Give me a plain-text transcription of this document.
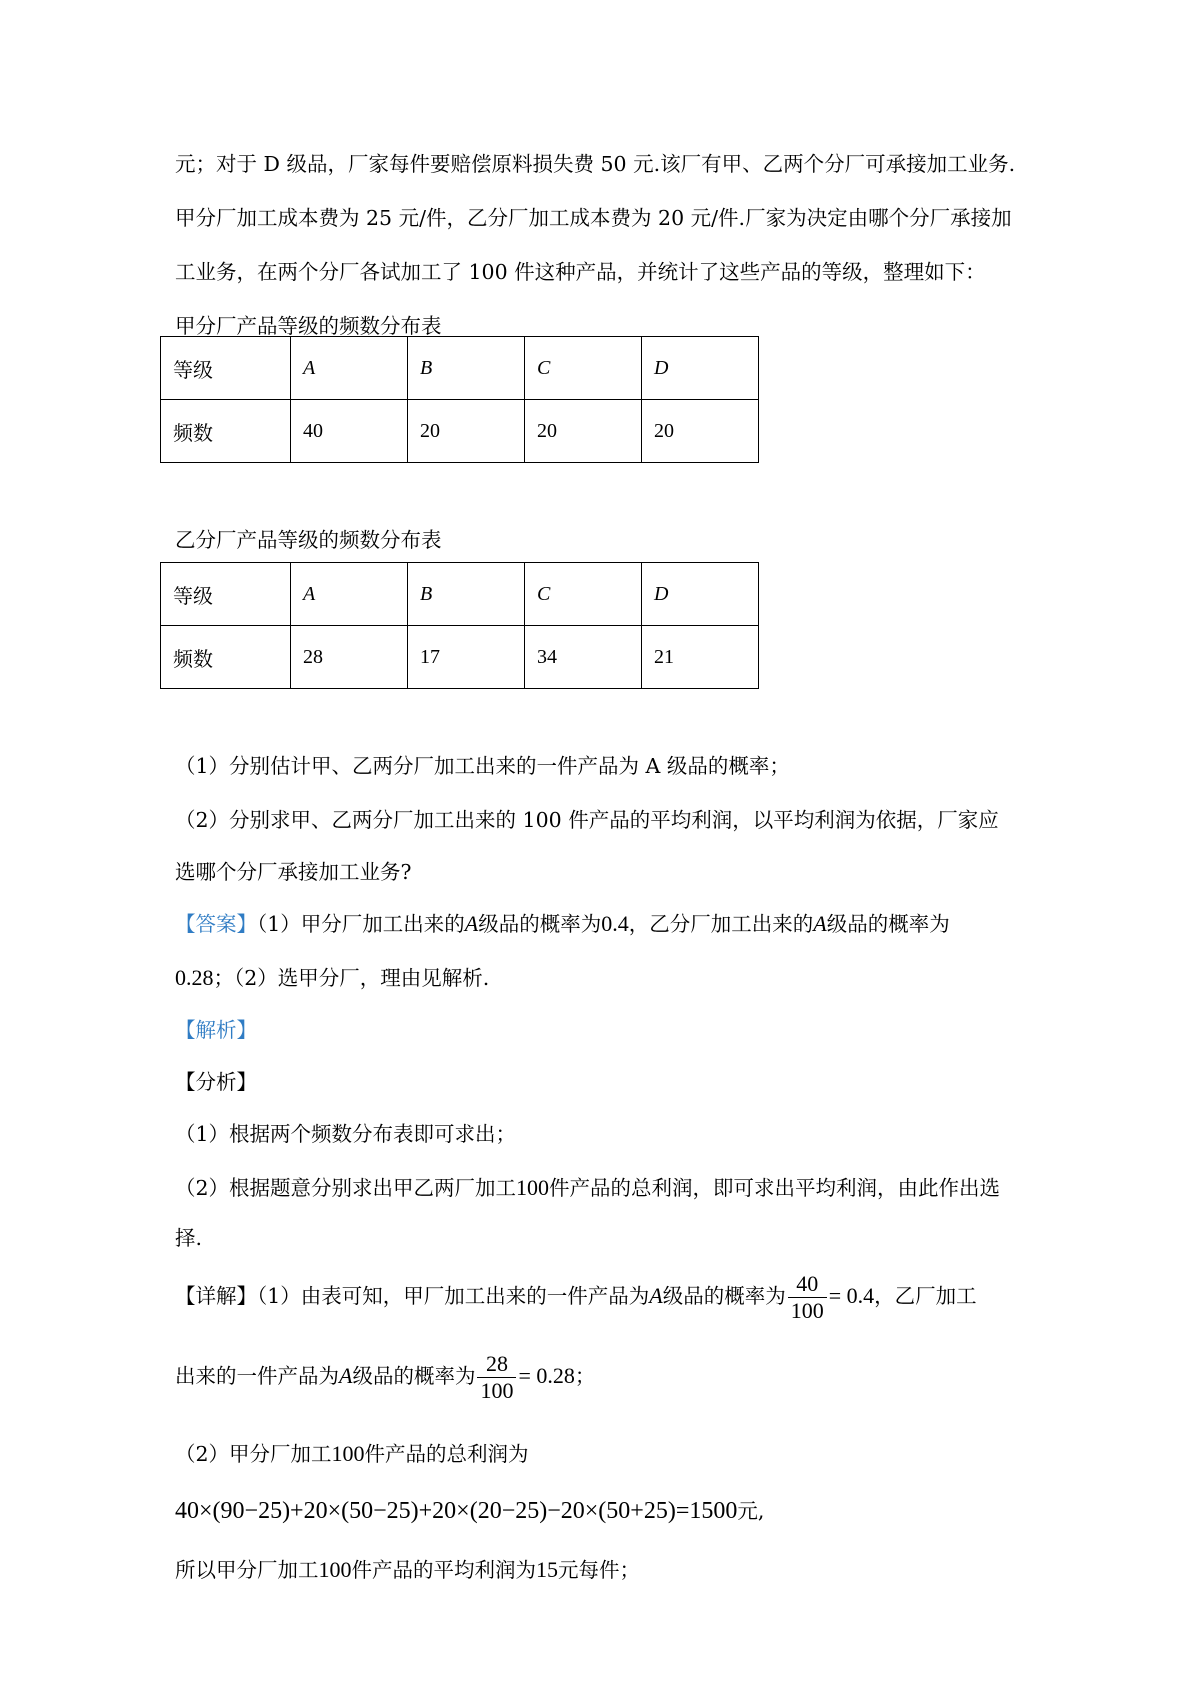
元；对于 D 级品，厂家每件要赔偿原料损失费 50 元.该厂有甲、乙两个分厂可承接加工业务.
甲分厂加工成本费为 25 元/件，乙分厂加工成本费为 20 元/件.厂家为决定由哪个分厂承接加
工业务，在两个分厂各试加工了 100 件这种产品，并统计了这些产品的等级，整理如下：
甲分厂产品等级的频数分布表
等级	A	B	C	D
频数	40	20	20	20
乙分厂产品等级的频数分布表
等级	A	B	C	D
频数	28	17	34	21
（1）分别估计甲、乙两分厂加工出来的一件产品为 A 级品的概率；
（2）分别求甲、乙两分厂加工出来的 100 件产品的平均利润，以平均利润为依据，厂家应
选哪个分厂承接加工业务?
【答案】（1）甲分厂加工出来的A级品的概率为0.4，乙分厂加工出来的A级品的概率为
0.28；（2）选甲分厂，理由见解析.
【解析】
【分析】
（1）根据两个频数分布表即可求出；
（2）根据题意分别求出甲乙两厂加工100件产品的总利润，即可求出平均利润，由此作出选
择.
【详解】（1）由表可知，甲厂加工出来的一件产品为A级品的概率为 $\frac{40}{100} = 0.4$，乙厂加工
出来的一件产品为A级品的概率为 $\frac{28}{100} = 0.28$；
（2）甲分厂加工100件产品的总利润为
40×(90−25)+20×(50−25)+20×(20−25)−20×(50+25)=1500元,
所以甲分厂加工100件产品的平均利润为15元每件；
